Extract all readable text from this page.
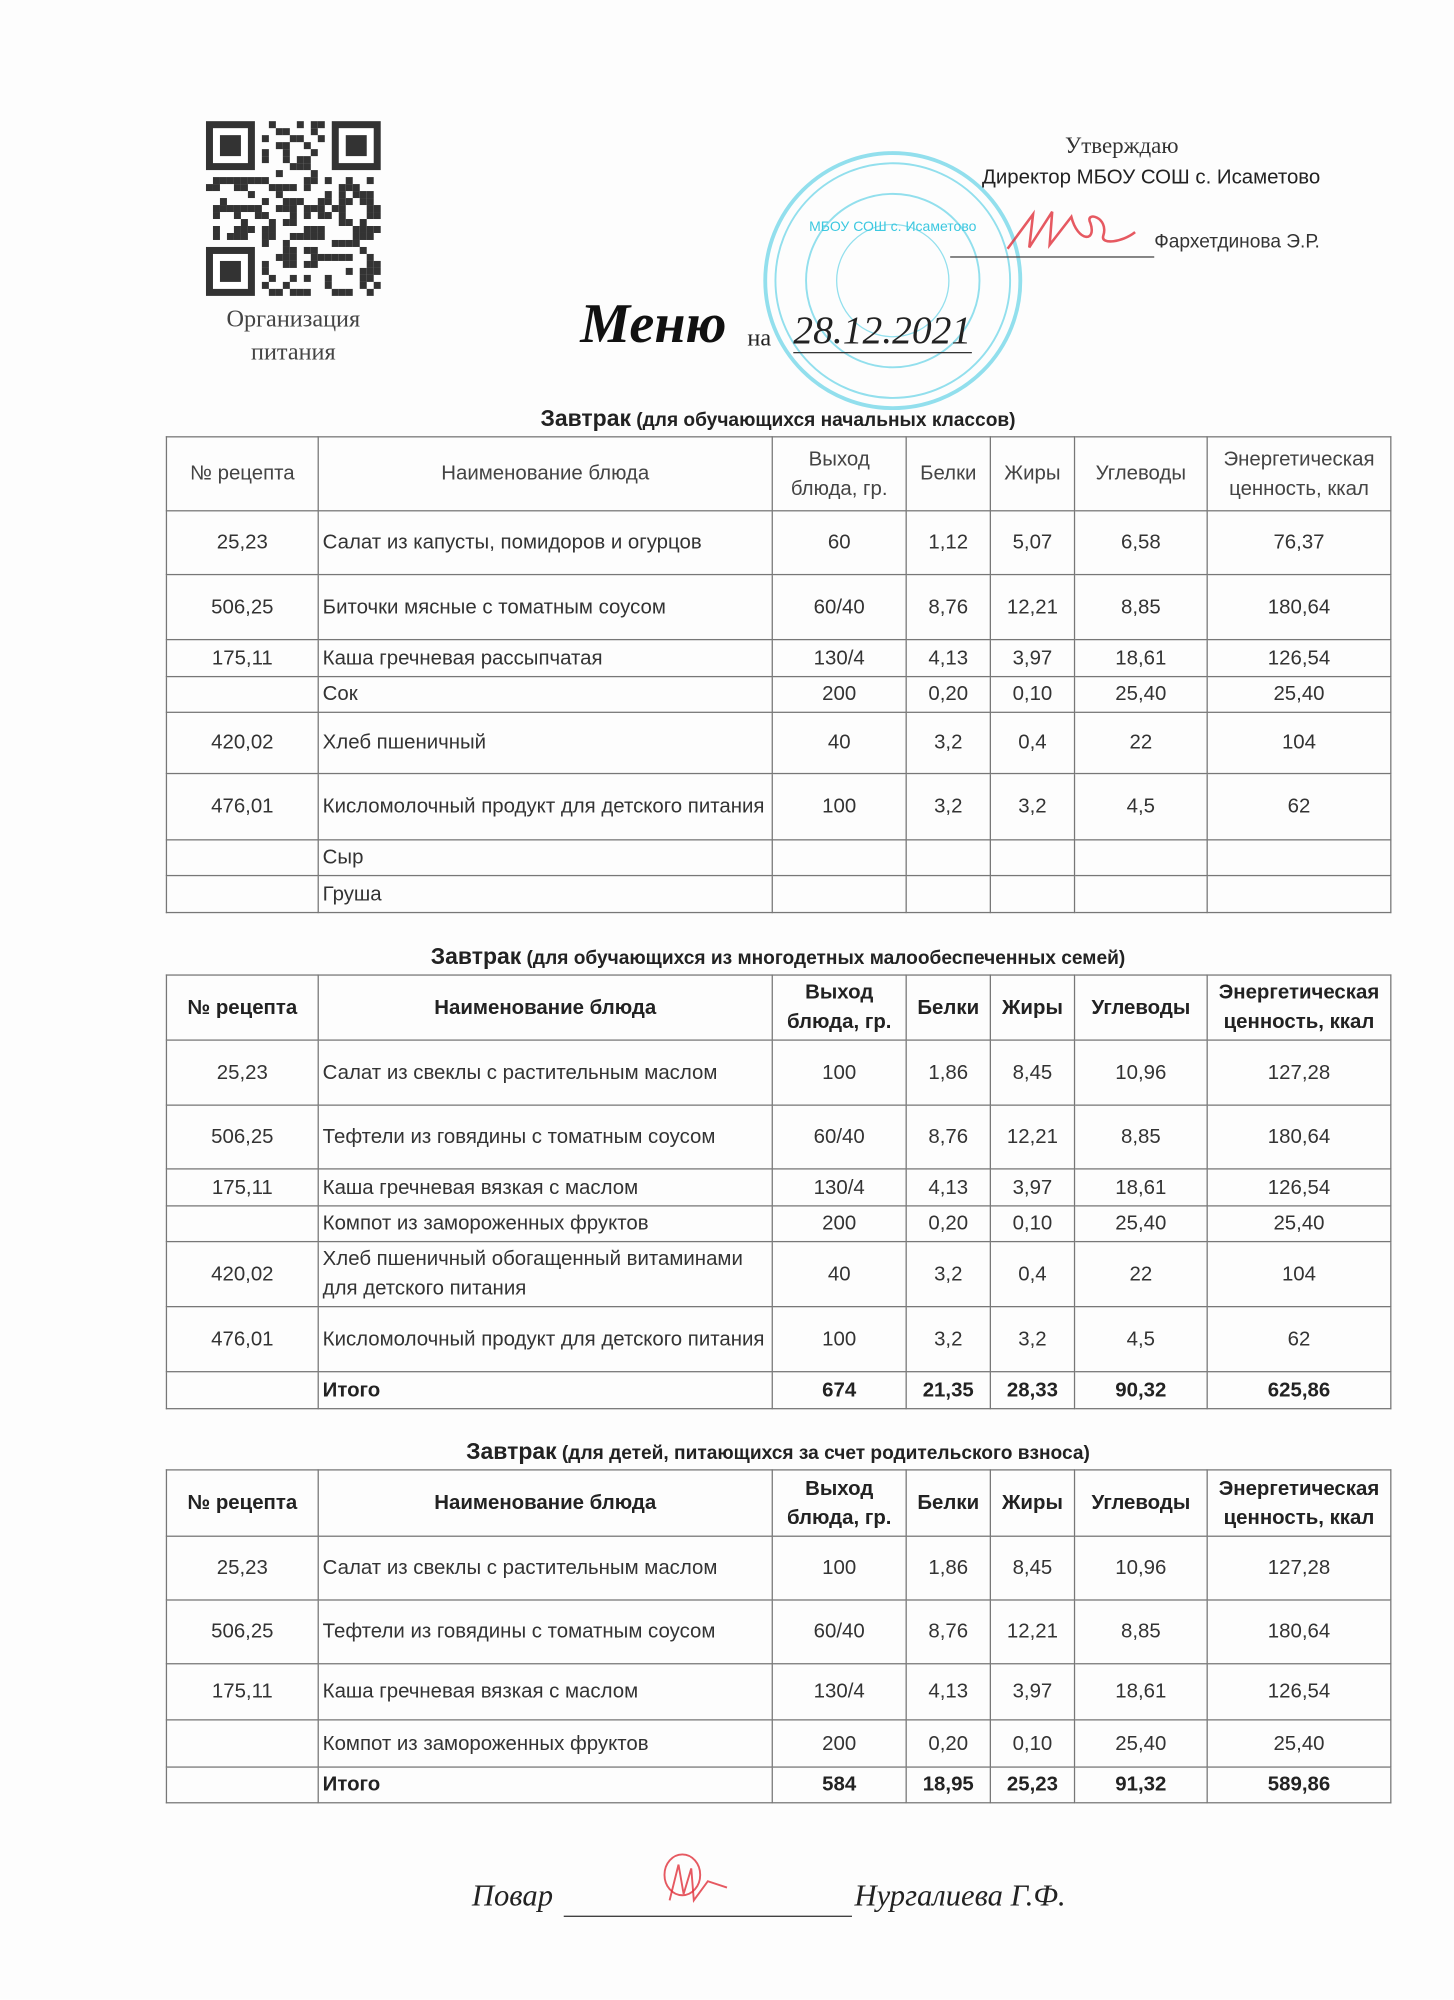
Организация
питания
МБОУ СОШ с. Исаметово
Утверждаю
Директор МБОУ СОШ с. Исаметово
Фархетдинова Э.Р.
Меню на 28.12.2021
Завтрак (для обучающихся начальных классов)
№ рецепта	Наименование блюда	Выход блюда, гр.	Белки	Жиры	Углеводы	Энергетическая ценность, ккал
25,23	Салат из капусты, помидоров и огурцов	60	1,12	5,07	6,58	76,37
506,25	Биточки мясные с томатным соусом	60/40	8,76	12,21	8,85	180,64
175,11	Каша гречневая рассыпчатая	130/4	4,13	3,97	18,61	126,54
	Сок	200	0,20	0,10	25,40	25,40
420,02	Хлеб пшеничный	40	3,2	0,4	22	104
476,01	Кисломолочный продукт для детского питания	100	3,2	3,2	4,5	62
	Сыр					
	Груша					
Завтрак (для обучающихся из многодетных малообеспеченных семей)
№ рецепта	Наименование блюда	Выход блюда, гр.	Белки	Жиры	Углеводы	Энергетическая ценность, ккал
25,23	Салат из свеклы с растительным маслом	100	1,86	8,45	10,96	127,28
506,25	Тефтели из говядины с томатным соусом	60/40	8,76	12,21	8,85	180,64
175,11	Каша гречневая вязкая с маслом	130/4	4,13	3,97	18,61	126,54
	Компот из замороженных фруктов	200	0,20	0,10	25,40	25,40
420,02	Хлеб пшеничный обогащенный витаминами для детского питания	40	3,2	0,4	22	104
476,01	Кисломолочный продукт для детского питания	100	3,2	3,2	4,5	62
	Итого	674	21,35	28,33	90,32	625,86
Завтрак (для детей, питающихся за счет родительского взноса)
№ рецепта	Наименование блюда	Выход блюда, гр.	Белки	Жиры	Углеводы	Энергетическая ценность, ккал
25,23	Салат из свеклы с растительным маслом	100	1,86	8,45	10,96	127,28
506,25	Тефтели из говядины с томатным соусом	60/40	8,76	12,21	8,85	180,64
175,11	Каша гречневая вязкая с маслом	130/4	4,13	3,97	18,61	126,54
	Компот из замороженных фруктов	200	0,20	0,10	25,40	25,40
	Итого	584	18,95	25,23	91,32	589,86
Повар	Нургалиева Г.Ф.
